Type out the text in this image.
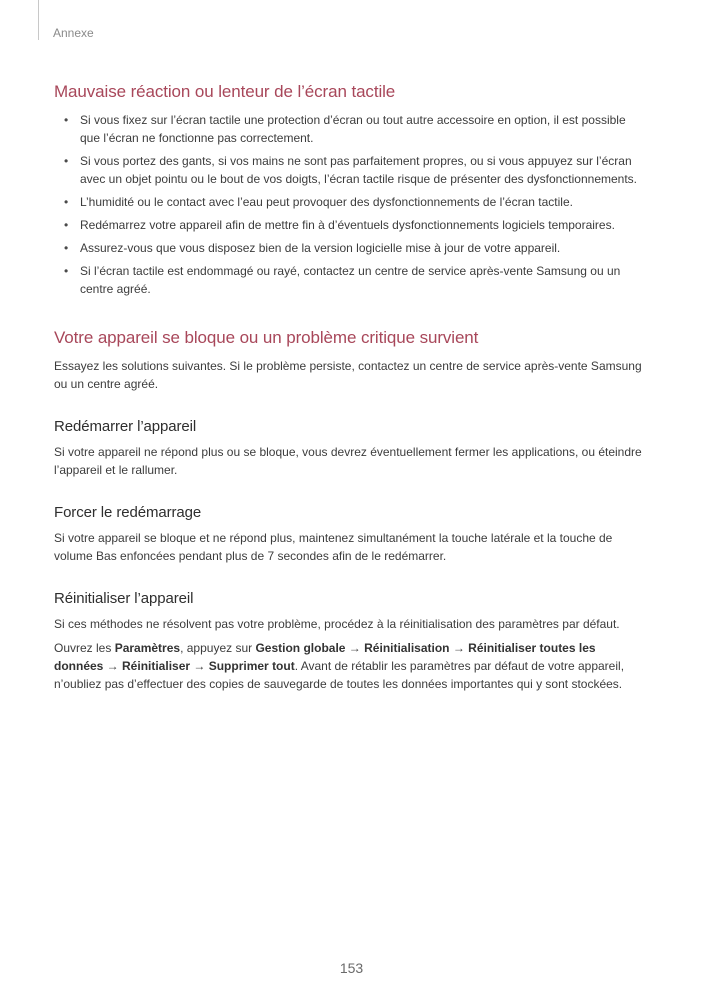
Annexe
Mauvaise réaction ou lenteur de l’écran tactile
• Si vous fixez sur l’écran tactile une protection d’écran ou tout autre accessoire en option, il est possible que l’écran ne fonctionne pas correctement.
• Si vous portez des gants, si vos mains ne sont pas parfaitement propres, ou si vous appuyez sur l’écran avec un objet pointu ou le bout de vos doigts, l’écran tactile risque de présenter des dysfonctionnements.
• L’humidité ou le contact avec l’eau peut provoquer des dysfonctionnements de l’écran tactile.
• Redémarrez votre appareil afin de mettre fin à d’éventuels dysfonctionnements logiciels temporaires.
• Assurez-vous que vous disposez bien de la version logicielle mise à jour de votre appareil.
• Si l’écran tactile est endommagé ou rayé, contactez un centre de service après-vente Samsung ou un centre agréé.
Votre appareil se bloque ou un problème critique survient

Essayez les solutions suivantes. Si le problème persiste, contactez un centre de service après-vente Samsung ou un centre agréé.

Redémarrer l’appareil

Si votre appareil ne répond plus ou se bloque, vous devrez éventuellement fermer les applications, ou éteindre l’appareil et le rallumer.

Forcer le redémarrage

Si votre appareil se bloque et ne répond plus, maintenez simultanément la touche latérale et la touche de volume Bas enfoncées pendant plus de 7 secondes afin de le redémarrer.

Réinitialiser l’appareil

Si ces méthodes ne résolvent pas votre problème, procédez à la réinitialisation des paramètres par défaut.

Ouvrez les Paramètres, appuyez sur Gestion globale → Réinitialisation → Réinitialiser toutes les données → Réinitialiser → Supprimer tout. Avant de rétablir les paramètres par défaut de votre appareil, n’oubliez pas d’effectuer des copies de sauvegarde de toutes les données importantes qui y sont stockées.

153
